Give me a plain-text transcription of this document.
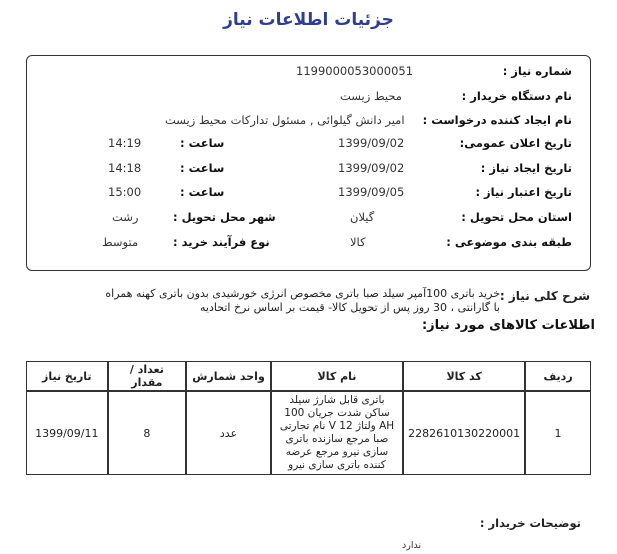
جزئیات اطلاعات نیاز
شماره نیاز :
1199000053000051
نام دستگاه خریدار :
محیط زیست
نام ایجاد کننده درخواست :
امیر دانش گیلوائی , مسئول تدارکات محیط زیست
تاریخ اعلان عمومی:
1399/09/02
ساعت :
14:19
تاریخ ایجاد نیاز :
1399/09/02
ساعت :
14:18
تاریخ اعتبار نیاز :
1399/09/05
ساعت :
15:00
استان محل تحویل :
گیلان
شهر محل تحویل :
رشت
طبقه بندی موضوعی :
کالا
نوع فرآیند خرید :
متوسط
شرح کلی نیاز :
خرید باتری 100آمپر سیلد صبا باتری مخصوص انرژی خورشیدی بدون باتری کهنه همراه با گارانتی ، 30 روز پس از تحویل کالا- قیمت بر اساس نرخ اتحادیه
اطلاعات کالاهای مورد نیاز:
ردیف	کد کالا	نام کالا	واحد شمارش	تعداد / مقدار	تاریخ نیاز
1	2282610130220001	باتری قابل شارژ سیلد ساکن شدت جریان 100 AH ولتاژ 12 V نام تجارتی صبا مرجع سازنده باتری سازی نیرو مرجع عرضه کننده باتری سازی نیرو	عدد	8	1399/09/11
توضیحات خریدار :
ندارد
